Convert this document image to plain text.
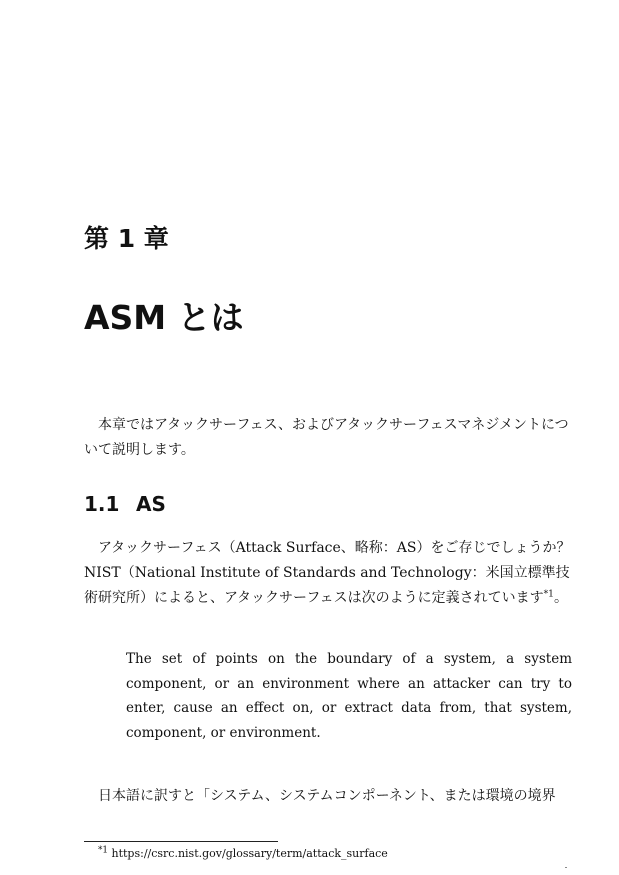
第 1 章
ASM とは

本章ではアタックサーフェス、およびアタックサーフェスマネジメントについて説明します。

1.1 AS

アタックサーフェス（Attack Surface、略称：AS）をご存じでしょうか？NIST（National Institute of Standards and Technology：米国立標準技術研究所）によると、アタックサーフェスは次のように定義されています$^{*1}$。

The set of points on the boundary of a system, a system component, or an environment where an attacker can try to enter, cause an effect on, or extract data from, that system, component, or environment.

日本語に訳すと「システム、システムコンポーネント、または環境の境界

$^{*1}$ https://csrc.nist.gov/glossary/term/attack_surface
